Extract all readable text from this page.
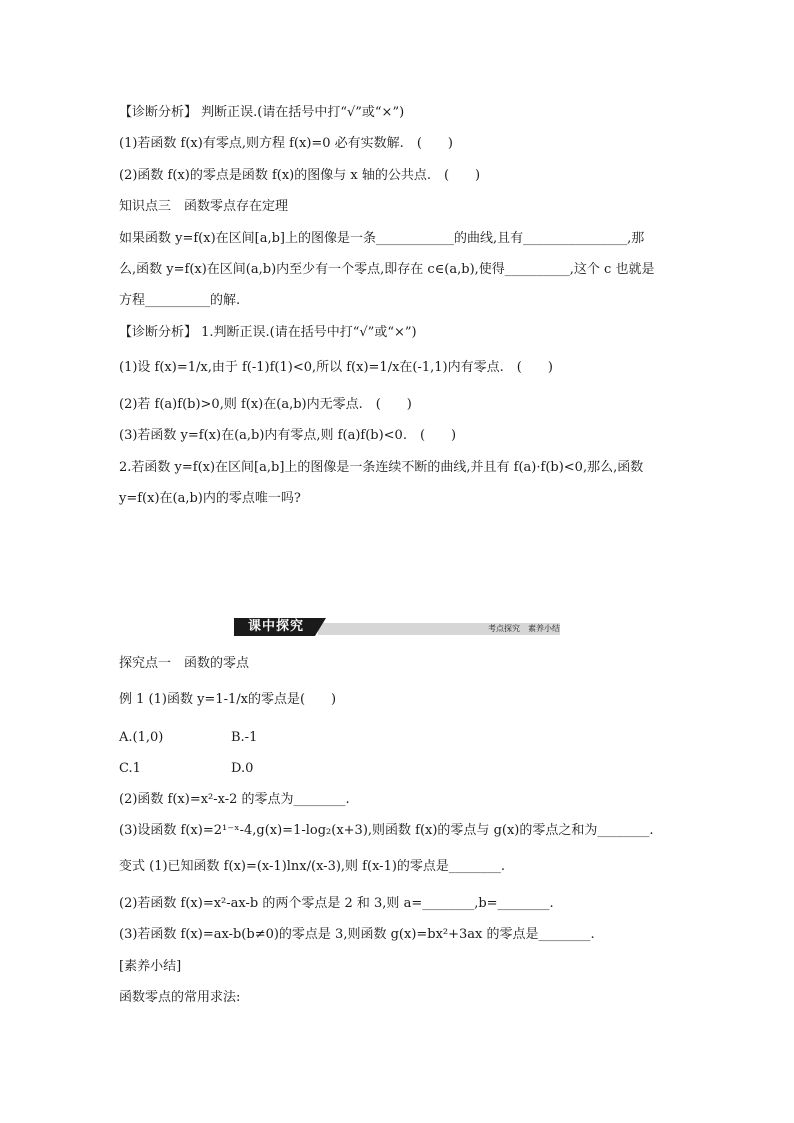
【诊断分析】 判断正误.(请在括号中打“√”或“×”)
(1)若函数 f(x)有零点,则方程 f(x)=0 必有实数解.　(　　)
(2)函数 f(x)的零点是函数 f(x)的图像与 x 轴的公共点.　(　　)
知识点三　函数零点存在定理
如果函数 y=f(x)在区间[a,b]上的图像是一条____________的曲线,且有________________,那
么,函数 y=f(x)在区间(a,b)内至少有一个零点,即存在 c∈(a,b),使得__________,这个 c 也就是
方程__________的解.
【诊断分析】 1.判断正误.(请在括号中打“√”或“×”)
(1)设 f(x)=1/x,由于 f(-1)f(1)<0,所以 f(x)=1/x在(-1,1)内有零点.　(　　)
(2)若 f(a)f(b)>0,则 f(x)在(a,b)内无零点.　(　　)
(3)若函数 y=f(x)在(a,b)内有零点,则 f(a)f(b)<0.　(　　)
2.若函数 y=f(x)在区间[a,b]上的图像是一条连续不断的曲线,并且有 f(a)·f(b)<0,那么,函数
y=f(x)在(a,b)内的零点唯一吗?
课中探究	考点探究　素养小结
探究点一　函数的零点
例 1 (1)函数 y=1-1/x的零点是(　　)
A.(1,0)	B.-1
C.1	D.0
(2)函数 f(x)=x²-x-2 的零点为________.
(3)设函数 f(x)=2¹⁻ˣ-4,g(x)=1-log₂(x+3),则函数 f(x)的零点与 g(x)的零点之和为________.
变式 (1)已知函数 f(x)=(x-1)lnx/(x-3),则 f(x-1)的零点是________.
(2)若函数 f(x)=x²-ax-b 的两个零点是 2 和 3,则 a=________,b=________.
(3)若函数 f(x)=ax-b(b≠0)的零点是 3,则函数 g(x)=bx²+3ax 的零点是________.
[素养小结]
函数零点的常用求法:
